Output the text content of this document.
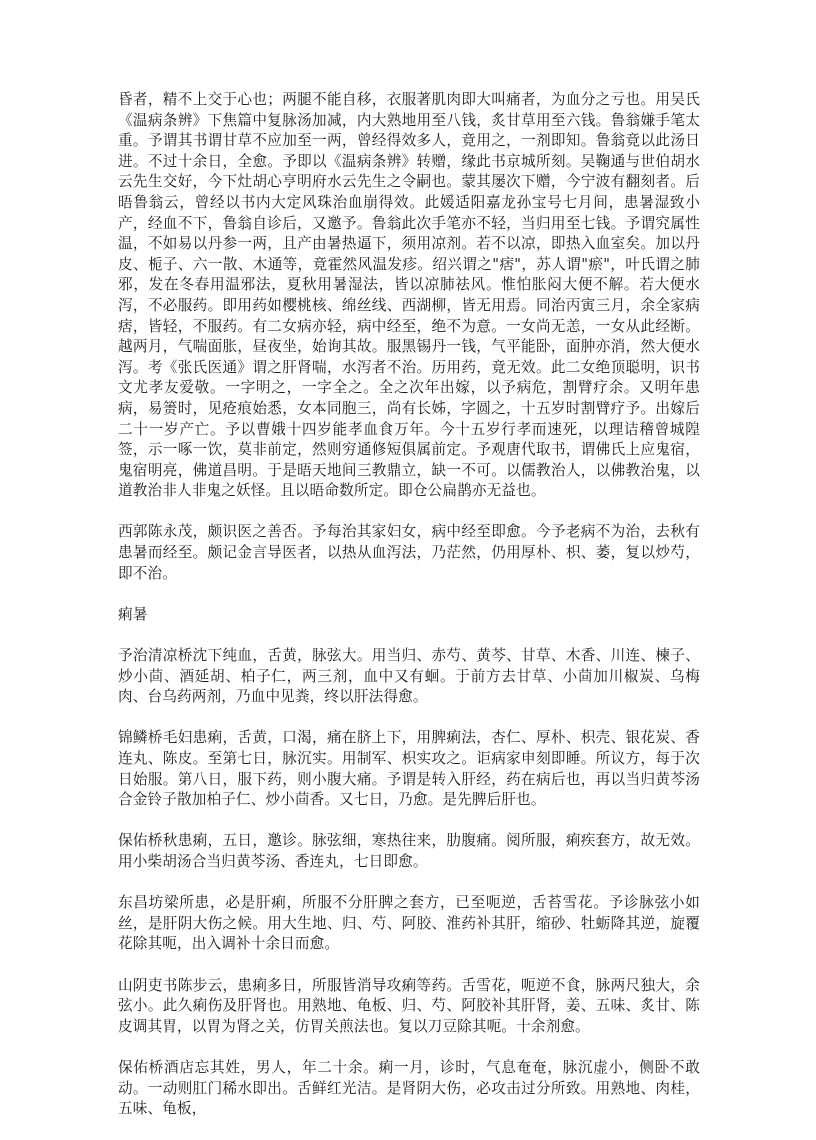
昏者，精不上交于心也；两腿不能自移，衣服著肌肉即大叫痛者，为血分之亏也。用吴氏《温病条辨》下焦篇中复脉汤加减，内大熟地用至八钱，炙甘草用至六钱。鲁翁嫌手笔太重。予谓其书谓甘草不应加至一两，曾经得效多人，竟用之，一剂即知。鲁翁竟以此汤日进。不过十余日，全愈。予即以《温病条辨》转赠，缘此书京城所刻。吴鞠通与世伯胡水云先生交好，今下灶胡心亨明府水云先生之令嗣也。蒙其屡次下赠，今宁波有翻刻者。后晤鲁翁云，曾经以书内大定风珠治血崩得效。此媛适阳嘉龙孙宝号七月间，患暑湿致小产，经血不下，鲁翁自诊后，又邀予。鲁翁此次手笔亦不轻，当归用至七钱。予谓究属性温，不如易以丹参一两，且产由暑热逼下，须用凉剂。若不以凉，即热入血室矣。加以丹皮、栀子、六一散、木通等，竟霍然风温发疹。绍兴谓之"痞"，苏人谓"瘀"，叶氏谓之肺邪，发在冬春用温邪法，夏秋用暑湿法，皆以凉肺祛风。惟怕胀闷大便不解。若大便水泻，不必服药。即用药如樱桃核、绵丝线、西湖柳，皆无用焉。同治丙寅三月，余全家病痞，皆轻，不服药。有二女病亦轻，病中经至，绝不为意。一女尚无恙，一女从此经断。越两月，气喘面胀，昼夜坐，始询其故。服黑锡丹一钱，气平能卧，面肿亦消，然大便水泻。考《张氏医通》谓之肝肾喘，水泻者不治。历用药，竟无效。此二女绝顶聪明，识书文尤孝友爱敬。一字明之，一字全之。全之次年出嫁，以予病危，割臂疗余。又明年患病，易箦时，见疮痕始悉，女本同胞三，尚有长姊，字圆之，十五岁时割臂疗予。出嫁后二十一岁产亡。予以曹娥十四岁能孝血食万年。今十五岁行孝而速死，以理诘稽曾城隍签，示一啄一饮，莫非前定，然则穷通修短俱属前定。予观唐代取书，谓佛氏上应鬼宿，鬼宿明亮，佛道昌明。于是晤天地间三教鼎立，缺一不可。以儒教治人，以佛教治鬼，以道教治非人非鬼之妖怪。且以晤命数所定。即仓公扁鹊亦无益也。

西郭陈永茂，颇识医之善否。予每治其家妇女，病中经至即愈。今予老病不为治，去秋有患暑而经至。颇记金言导医者，以热从血泻法，乃茫然，仍用厚朴、枳、萎，复以炒芍，即不治。

痢暑

予治清凉桥沈下纯血，舌黄，脉弦大。用当归、赤芍、黄芩、甘草、木香、川连、楝子、炒小茴、酒延胡、柏子仁，两三剂，血中又有蛔。于前方去甘草、小茴加川椒炭、乌梅肉、台乌药两剂，乃血中见粪，终以肝法得愈。

锦鳞桥毛妇患痢，舌黄，口渴，痛在脐上下，用脾痢法，杏仁、厚朴、枳壳、银花炭、香连丸、陈皮。至第七日，脉沉实。用制军、枳实攻之。讵病家申刻即睡。所议方，每于次日始服。第八日，服下药，则小腹大痛。予谓是转入肝经，药在病后也，再以当归黄芩汤合金铃子散加柏子仁、炒小茴香。又七日，乃愈。是先脾后肝也。

保佑桥秋患痢，五日，邀诊。脉弦细，寒热往来，肋腹痛。阅所服，痢疾套方，故无效。用小柴胡汤合当归黄芩汤、香连丸，七日即愈。

东昌坊梁所患，必是肝痢，所服不分肝脾之套方，已至呃逆，舌苔雪花。予诊脉弦小如丝，是肝阴大伤之候。用大生地、归、芍、阿胶、淮药补其肝，缩砂、牡蛎降其逆，旋覆花除其呃，出入调补十余日而愈。

山阴吏书陈步云，患痢多日，所服皆消导攻痢等药。舌雪花，呃逆不食，脉两尺独大，余弦小。此久痢伤及肝肾也。用熟地、龟板、归、芍、阿胶补其肝肾，姜、五味、炙甘、陈皮调其胃，以胃为肾之关，仿胃关煎法也。复以刀豆除其呃。十余剂愈。

保佑桥酒店忘其姓，男人，年二十余。痢一月，诊时，气息奄奄，脉沉虚小，侧卧不敢动。一动则肛门稀水即出。舌鲜红光洁。是肾阴大伤，必攻击过分所致。用熟地、肉桂，五味、龟板，
